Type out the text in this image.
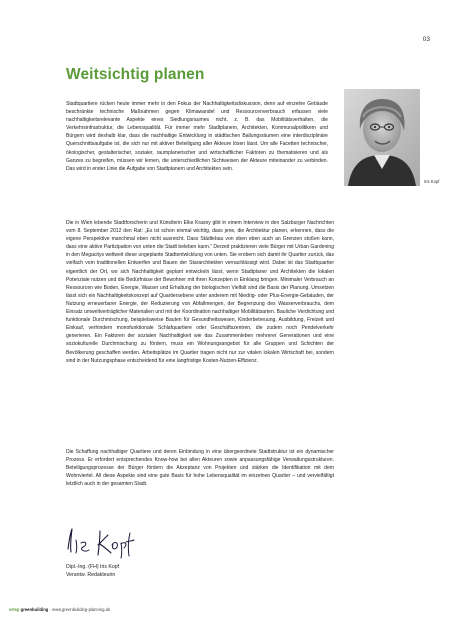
03
Weitsichtig planen

Stadtquartiere rücken heute immer mehr in den Fokus der Nachhaltigkeitsdiskussion, denn auf einzelne Gebäude beschränkte technische Maßnahmen gegen Klimawandel und Ressourcenverbrauch erfassen viele nachhaltigkeitsrelevante Aspekte eines Siedlungsraumes nicht, z. B. das Mobilitätsverhalten, die Verkehrsinfrastruktur, die Lebensqualität. Für immer mehr Stadtplanern, Architekten, Kommunalpolitikern und Bürgern wird deshalb klar, dass die nachhaltige Entwicklung in städtischen Ballungsräumen eine interdisziplinäre Querschnittsaufgabe ist, die sich nur mit aktiver Beteiligung aller Akteure lösen lässt. Um alle Facetten technischer, ökologischer, gestalterischer, sozialer, raumplanerischer und wirtschaftlicher Faktoren zu thematisieren und als Ganzes zu begreifen, müssen wir lernen, die unterschiedlichen Sichtweisen der Akteure miteinander zu verbinden. Das wird in erster Linie die Aufgabe von Stadtplanern und Architekten sein.

Iris Kopf

Die in Wien lebende Stadtforscherin und Künstlerin Elke Krasny gibt in einem Interview in den Salzburger Nachrichten vom 8. September 2012 den Rat: „Es ist schon einmal wichtig, dass jene, die Architektur planen, erkennen, dass die eigene Perspektive manchmal eben nicht ausreicht. Dass Städtebau von oben eben auch an Grenzen stoßen kann, dass eine aktive Partizipation von unten die Stadt beleben kann.“ Derzeit praktizieren viele Bürger mit Urban Gardening in den Megacitys weltweit diese ungeplante Stadtentwicklung von unten. Sie erobern sich damit ihr Quartier zurück, das vielfach vom traditionellen Entwerfen und Bauen der Stararchitekten vernachlässigt wird. Dabei ist das Stadtquartier eigentlich der Ort, wo sich Nachhaltigkeit geplant entwickeln lässt, wenn Stadtplaner und Architekten die lokalen Potenziale nutzen und die Bedürfnisse der Bewohner mit ihren Konzepten in Einklang bringen. Minimaler Verbrauch an Ressourcen wie Boden, Energie, Wasser und Erhaltung der biologischen Vielfalt sind die Basis der Planung. Umsetzen lässt sich ein Nachhaltigkeitskonzept auf Quartiersebene unter anderem mit Niedrig- oder Plus-Energie-Gebäuden, der Nutzung erneuerbarer Energie, der Reduzierung von Abfallmengen, der Begrenzung des Wasserverbrauchs, dem Einsatz umweltverträglicher Materialien und mit der Koordination nachhaltiger Mobilitätsarten. Bauliche Verdichtung und funktionale Durchmischung, beispielsweise Bauten für Gesundheitswesen, Kinderbetreuung, Ausbildung, Freizeit und Einkauf, verhindern monofunktionale Schlafquartiere oder Geschäftszentren, die zudem noch Pendelverkehr generieren. Ein Faktoren der sozialen Nachhaltigkeit wie das Zusammenleben mehrerer Generationen und eine soziokulturelle Durchmischung zu fördern, muss ein Wohnungsangebot für alle Gruppen und Schichten der Bevölkerung geschaffen werden. Arbeitsplätze im Quartier tragen nicht nur zur vitalen lokalen Wirtschaft bei, sondern sind in der Nutzungsphase entscheidend für eine langfristige Kosten-Nutzen-Effizienz.

Die Schaffung nachhaltiger Quartiere und deren Einbindung in eine übergeordnete Stadtstruktur ist ein dynamischer Prozess. Er erfordert entsprechendes Know-how bei allen Akteuren sowie anpassungsfähige Verwaltungsstrukturen. Beteiligungsprozesse der Bürger fördern die Akzeptanz von Projekten und stärken die Identifikation mit dem Wohnviertel. All diese Aspekte sind eine gute Basis für hohe Lebensqualität im einzelnen Quartier – und vervielfältigt letztlich auch in der gesamten Stadt.

Dipl.-Ing. (FH) Iris Kopf
Verantw. Redakteurin
ortsp greenbuilding · www.greenbuilding-planning.de
